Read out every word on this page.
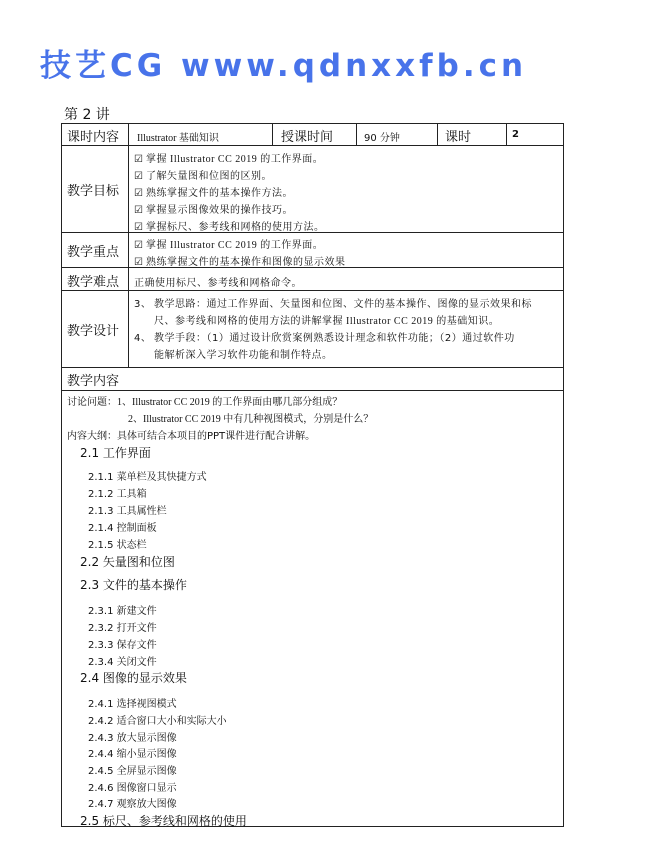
第 2 讲
课时内容 Illustrator 基础知识	授课时间	90 分钟	课时	2
教学目标
☑ 掌握 Illustrator CC 2019 的工作界面。
☑ 了解矢量图和位图的区别。
☑ 熟练掌握文件的基本操作方法。
☑ 掌握显示图像效果的操作技巧。
☑ 掌握标尺、参考线和网格的使用方法。
教学重点 ☑ 掌握 Illustrator CC 2019 的工作界面。
☑ 熟练掌握文件的基本操作和图像的显示效果
教学难点 正确使用标尺、参考线和网格命令。
教学设计
3、 教学思路：通过工作界面、矢量图和位图、文件的基本操作、图像的显示效果和标
尺、参考线和网格的使用方法的讲解掌握 Illustrator CC 2019 的基础知识。
4、 教学手段：（1）通过设计欣赏案例熟悉设计理念和软件功能；（2）通过软件功
能解析深入学习软件功能和制作特点。
教学内容
讨论问题：1、Illustrator CC 2019 的工作界面由哪几部分组成？
2、Illustrator CC 2019 中有几种视图模式，分别是什么？
内容大纲：具体可结合本项目的PPT课件进行配合讲解。
2.1 工作界面
2.1.1 菜单栏及其快捷方式
2.1.2 工具箱
2.1.3 工具属性栏
2.1.4 控制面板
2.1.5 状态栏
2.2 矢量图和位图
2.3 文件的基本操作
2.3.1 新建文件
2.3.2 打开文件
2.3.3 保存文件
2.3.4 关闭文件
2.4 图像的显示效果
2.4.1 选择视图模式
2.4.2 适合窗口大小和实际大小
2.4.3 放大显示图像
2.4.4 缩小显示图像
2.4.5 全屏显示图像
2.4.6 图像窗口显示
2.4.7 观察放大图像
2.5 标尺、参考线和网格的使用
技艺CG www.qdnxxfb.cn
